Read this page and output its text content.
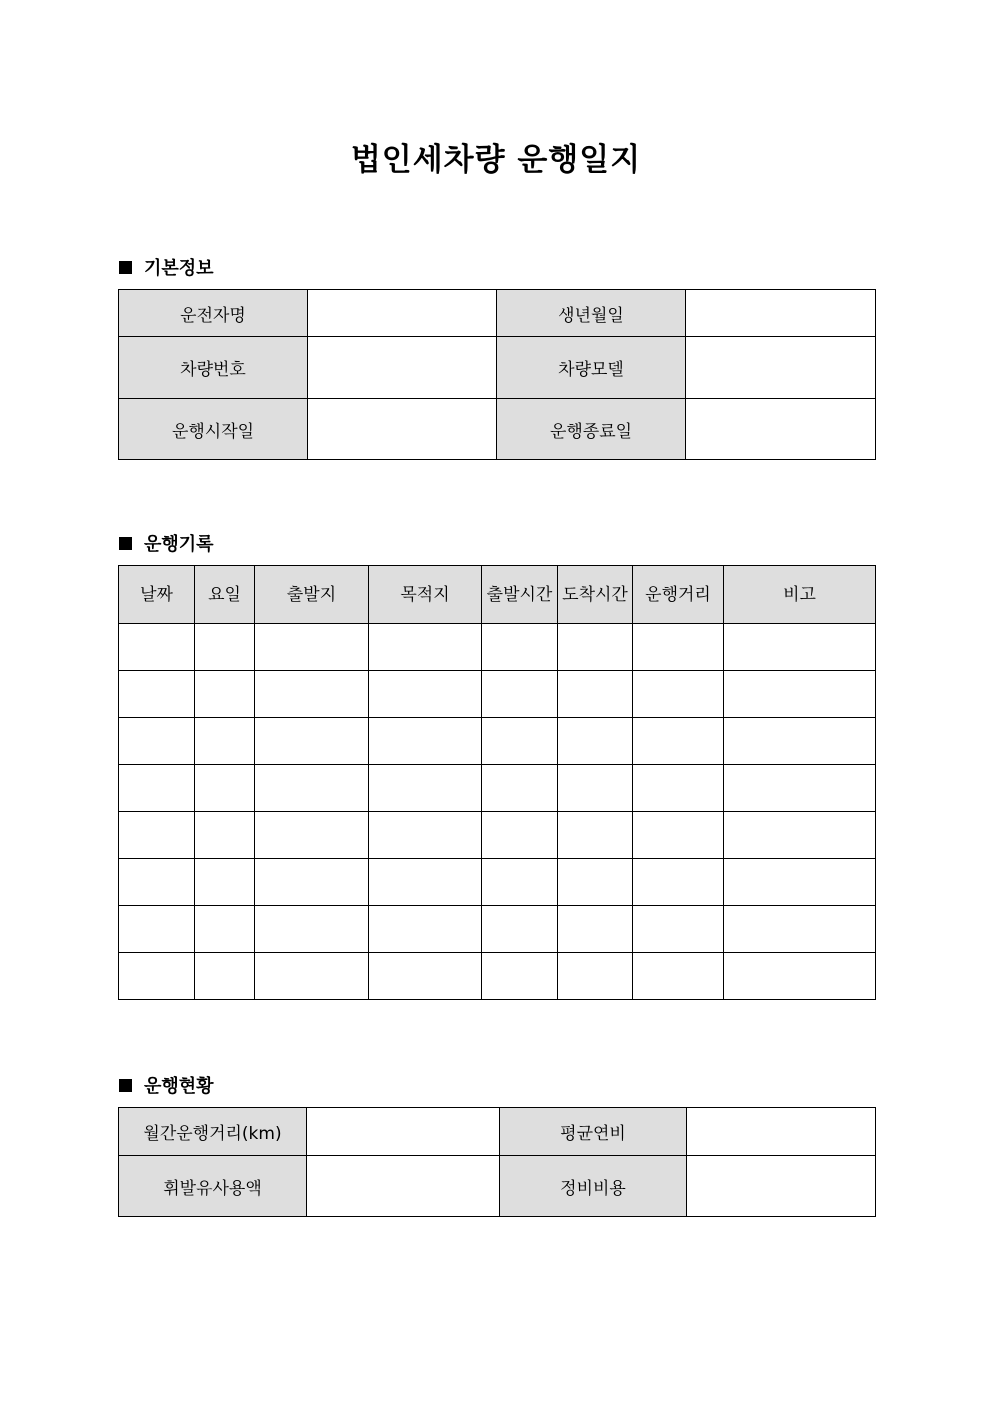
법인세차량 운행일지
기본정보
운전자명		생년월일	
차량번호		차량모델	
운행시작일		운행종료일	
운행기록
날짜	요일	출발지	목적지	출발시간	도착시간	운행거리	비고

운행현황
월간운행거리(km)		평균연비	
휘발유사용액		정비비용	
